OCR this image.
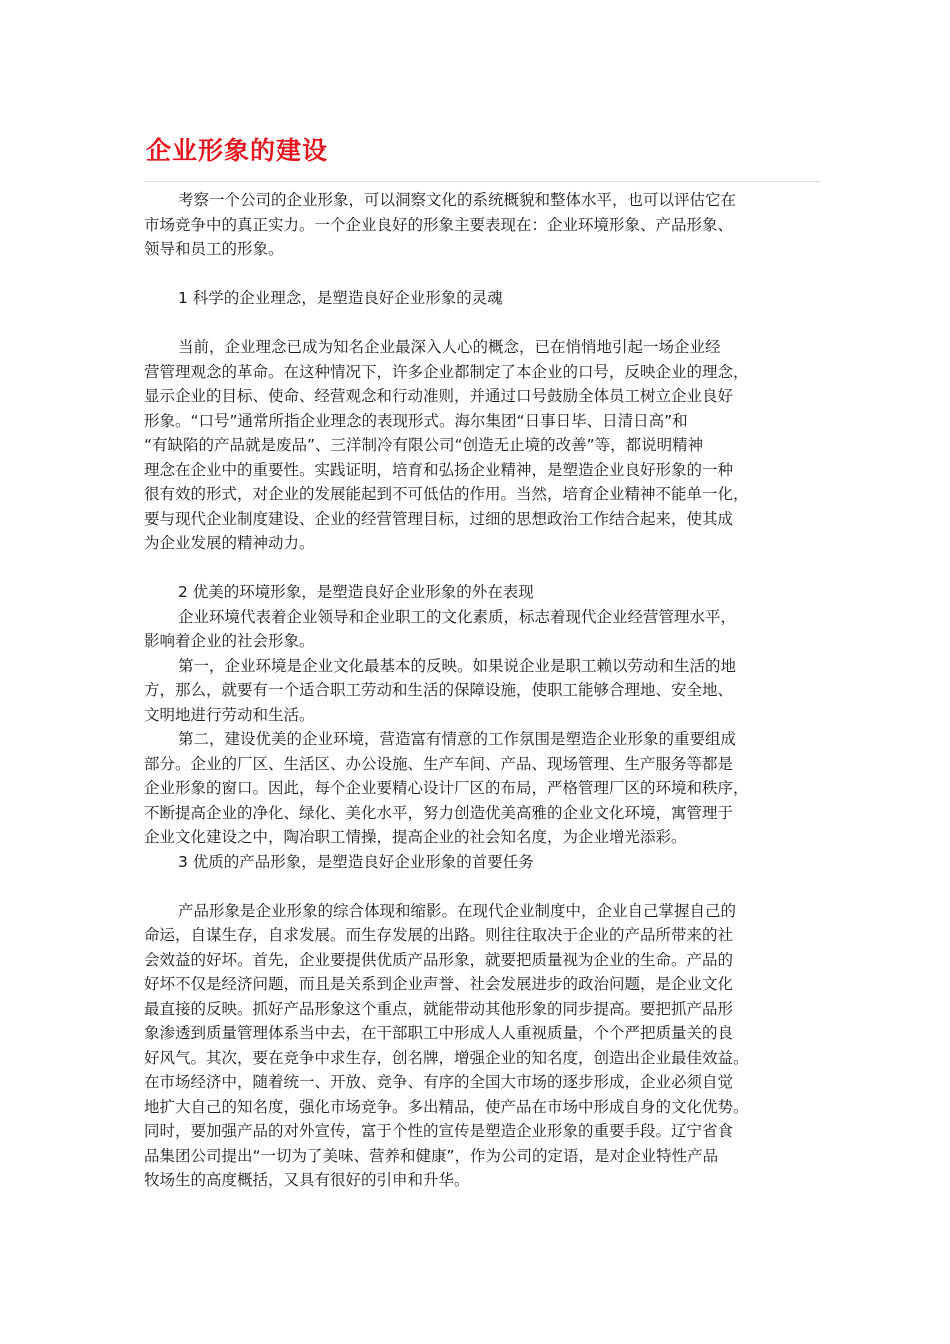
企业形象的建设
考察一个公司的企业形象，可以洞察文化的系统概貌和整体水平，也可以评估它在
市场竞争中的真正实力。一个企业良好的形象主要表现在：企业环境形象、产品形象、
领导和员工的形象。
1 科学的企业理念，是塑造良好企业形象的灵魂
当前，企业理念已成为知名企业最深入人心的概念，已在悄悄地引起一场企业经
营管理观念的革命。在这种情况下，许多企业都制定了本企业的口号，反映企业的理念，
显示企业的目标、使命、经营观念和行动准则，并通过口号鼓励全体员工树立企业良好
形象。“口号”通常所指企业理念的表现形式。海尔集团“日事日毕、日清日高”和
“有缺陷的产品就是废品”、三洋制冷有限公司“创造无止境的改善”等，都说明精神
理念在企业中的重要性。实践证明，培育和弘扬企业精神，是塑造企业良好形象的一种
很有效的形式，对企业的发展能起到不可低估的作用。当然，培育企业精神不能单一化，
要与现代企业制度建设、企业的经营管理目标，过细的思想政治工作结合起来，使其成
为企业发展的精神动力。
2 优美的环境形象，是塑造良好企业形象的外在表现
企业环境代表着企业领导和企业职工的文化素质，标志着现代企业经营管理水平，
影响着企业的社会形象。
第一，企业环境是企业文化最基本的反映。如果说企业是职工赖以劳动和生活的地
方，那么，就要有一个适合职工劳动和生活的保障设施，使职工能够合理地、安全地、
文明地进行劳动和生活。
第二，建设优美的企业环境，营造富有情意的工作氛围是塑造企业形象的重要组成
部分。企业的厂区、生活区、办公设施、生产车间、产品、现场管理、生产服务等都是
企业形象的窗口。因此，每个企业要精心设计厂区的布局，严格管理厂区的环境和秩序，
不断提高企业的净化、绿化、美化水平，努力创造优美高雅的企业文化环境，寓管理于
企业文化建设之中，陶冶职工情操，提高企业的社会知名度，为企业增光添彩。
3 优质的产品形象，是塑造良好企业形象的首要任务
产品形象是企业形象的综合体现和缩影。在现代企业制度中，企业自己掌握自己的
命运，自谋生存，自求发展。而生存发展的出路。则往往取决于企业的产品所带来的社
会效益的好坏。首先，企业要提供优质产品形象，就要把质量视为企业的生命。产品的
好坏不仅是经济问题，而且是关系到企业声誉、社会发展进步的政治问题，是企业文化
最直接的反映。抓好产品形象这个重点，就能带动其他形象的同步提高。要把抓产品形
象渗透到质量管理体系当中去，在干部职工中形成人人重视质量，个个严把质量关的良
好风气。其次，要在竞争中求生存，创名牌，增强企业的知名度，创造出企业最佳效益。
在市场经济中，随着统一、开放、竞争、有序的全国大市场的逐步形成，企业必须自觉
地扩大自己的知名度，强化市场竞争。多出精品，使产品在市场中形成自身的文化优势。
同时，要加强产品的对外宣传，富于个性的宣传是塑造企业形象的重要手段。辽宁省食
品集团公司提出“一切为了美味、营养和健康”，作为公司的定语，是对企业特性产品
牧场生的高度概括，又具有很好的引申和升华。
